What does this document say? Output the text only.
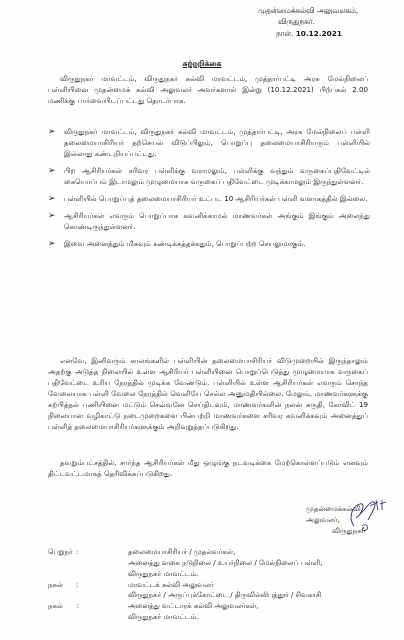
முதன்மைக்கல்வி அலுவலகம்,
விருதுநகர்.
நாள். 10.12.2021
சுற்றறிக்கை
விருதுநகர் மாவட்டம், விருதுநகர் கல்வி மாவட்டம், முத்தார்பட்டி அரசு மேல்நிலைப் பள்ளியினை முதன்மைக் கல்வி அலுவலர் அவர்களால் இன்று (10.12.2021) பிற்பகல் 2.00 மணிக்கு பார்வையிடப்பட்டது தொடர்பாக.
➢	விருதுநகர் மாவட்டம், விருதுநகர் கல்வி மாவட்டம், முத்தார்பட்டி, அரசு மேல்நிலைப் பள்ளி தலைமையாசிரியர் தற்செயல் விடுப்பிலும், பொறுப்பு தலைமையாசிரியரும் பள்ளியில் இல்லாது கண்டறியப்பட்டது.
➢	பிற ஆசிரியர்கள் சரிவர பள்ளிக்கு வராமலும், பள்ளிக்கு வந்தும் வருகைப்பதிவேட்டில் கையொப்பம் இடாமலும் முழுமையாக வருகைப் பதிவேட்டை முடிக்காமலும் இருந்துள்ளனர்.
➢	பள்ளியில் பொறுப்புத் தலைமையாசிரியர் உட்பட 10 ஆசிரியர்கள் பள்ளி வளாகத்தில் இல்லை.
➢	ஆசிரியர்கள் எவரும் பொறுப்பாக கவனிக்காமல் மாணவர்கள் அங்கும் இங்கும் அலைந்து கொண்டிருந்துள்ளனர்.
➢	இவை அனைத்தும் மிகவும் கண்டிக்கத்தக்கதும், பொறுப்பற்ற செயலுமாகும்.
எனவே, இனிவரும் காலங்களில் பள்ளியின் தலைமையாசிரியர் விடுமுறையில் இருந்தாலும் அதற்கு அடுத்த நிலையில் உள்ள ஆசிரியர் பள்ளியினை பொறுப்பெடுத்து முழுமையாக வருகைப் பதிவேட்டை உரிய நேரத்தில் முடிக்க வேண்டும். பள்ளியில் உள்ள ஆசிரியர்கள் எவரும் சொந்த வேலையாக பள்ளி வேலை நேரத்தில் வெளியே செல்ல அனுமதியில்லை. மேலும், மாணவர்களுக்கு கற்பித்தல் பணியினை மட்டும் செவ்வனே செய்திடவும், மாணவர்களின் நலன் கருதி, கோவிட் 19 நிலையான வழிகாட்டு நடைமுறைகளை பின்பற்றி மாணவர்களை சரிவர கவனிக்கவும் அனைத்துப் பள்ளித் தலைமையாசிரியர்களுக்கும் அறிவுறுத்தப்படுகிறது.
தவறும்பட்சத்தில், சார்ந்த ஆசிரியர்கள் மீது ஒழுங்கு நடவடிக்கை மேற்கொள்ளப்படும் எனவும் திட்டவட்டமாகத் தெரிவிக்கப்படுகிறது.
முதன்மைக்கல்வி அலுவலர்,
விருதுநகர்
பெறுநர் :	தலைமையாசிரியர் / முதல்வர்கள்,
அனைத்து வகை நடுநிலை / உயர்நிலை / மேல்நிலைப் பள்ளி,
விருதுநகர் மாவட்டம்.
நகல்	:	மாவட்டக் கல்வி அலுவலர்
விருதுநகர் / அருப்புக்கோட்டை / திருவில்லிபுத்தூர் / சிவகாசி
நகல்	:	அனைத்து வட்டாரக் கல்வி அலுவலர்கள்,
விருதுநகர் மாவட்டம்.
